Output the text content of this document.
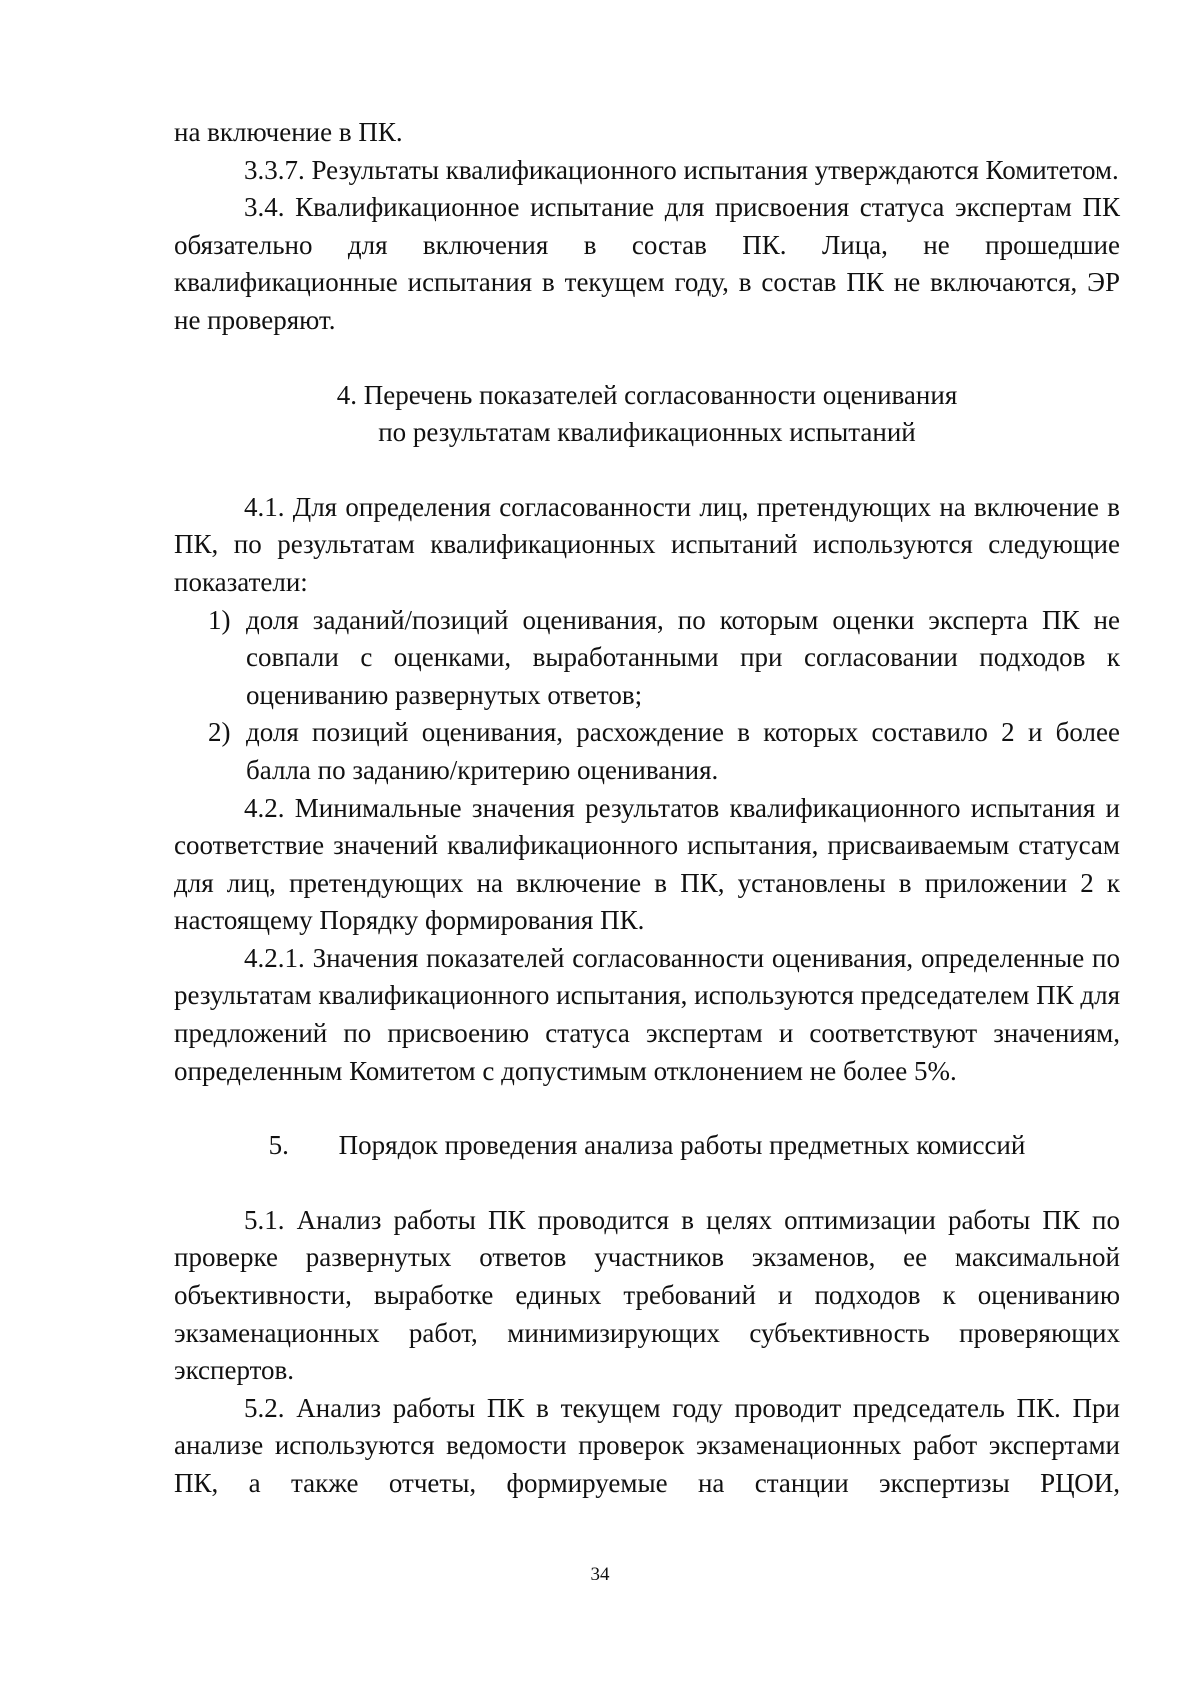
на включение в ПК.

3.3.7. Результаты квалификационного испытания утверждаются Комитетом.

3.4. Квалификационное испытание для присвоения статуса экспертам ПК обязательно для включения в состав ПК. Лица, не прошедшие квалификационные испытания в текущем году, в состав ПК не включаются, ЭР не проверяют.

4. Перечень показателей согласованности оценивания
по результатам квалификационных испытаний

4.1. Для определения согласованности лиц, претендующих на включение в ПК, по результатам квалификационных испытаний используются следующие показатели:

1) доля заданий/позиций оценивания, по которым оценки эксперта ПК не совпали с оценками, выработанными при согласовании подходов к оцениванию развернутых ответов;
2) доля позиций оценивания, расхождение в которых составило 2 и более балла по заданию/критерию оценивания.

4.2. Минимальные значения результатов квалификационного испытания и соответствие значений квалификационного испытания, присваиваемым статусам для лиц, претендующих на включение в ПК, установлены в приложении 2 к настоящему Порядку формирования ПК.

4.2.1. Значения показателей согласованности оценивания, определенные по результатам квалификационного испытания, используются председателем ПК для предложений по присвоению статуса экспертам и соответствуют значениям, определенным Комитетом с допустимым отклонением не более 5%.

5. Порядок проведения анализа работы предметных комиссий

5.1. Анализ работы ПК проводится в целях оптимизации работы ПК по проверке развернутых ответов участников экзаменов, ее максимальной объективности, выработке единых требований и подходов к оцениванию экзаменационных работ, минимизирующих субъективность проверяющих экспертов.

5.2. Анализ работы ПК в текущем году проводит председатель ПК. При анализе используются ведомости проверок экзаменационных работ экспертами ПК, а также отчеты, формируемые на станции экспертизы РЦОИ,

34
